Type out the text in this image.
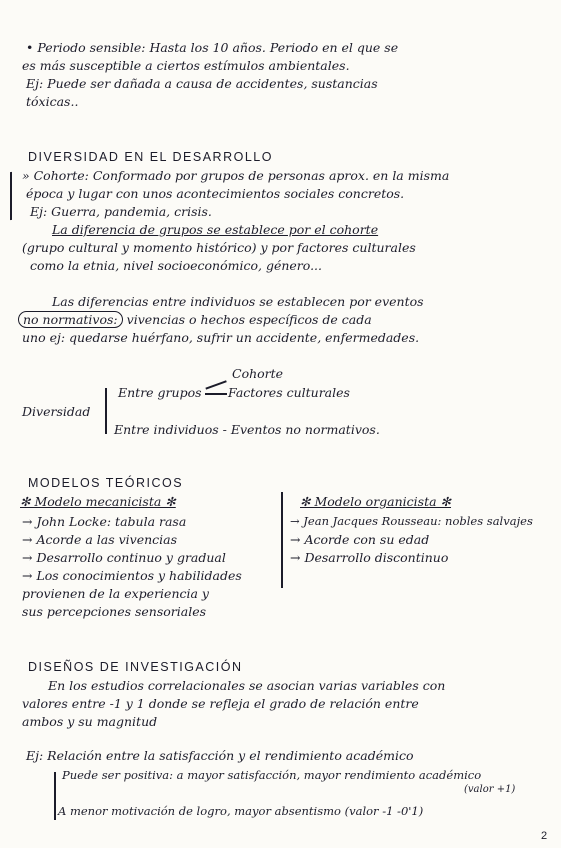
• Periodo sensible: Hasta los 10 años. Periodo en el que se
es más susceptible a ciertos estímulos ambientales.
Ej: Puede ser dañada a causa de accidentes, sustancias
tóxicas..
DIVERSIDAD EN EL DESARROLLO
» Cohorte: Conformado por grupos de personas aprox. en la misma
época y lugar con unos acontecimientos sociales concretos.
Ej: Guerra, pandemia, crisis.
La diferencia de grupos se establece por el cohorte
(grupo cultural y momento histórico) y por factores culturales
como la etnia, nivel socioeconómico, género...
Las diferencias entre individuos se establecen por eventos
no normativos: vivencias o hechos específicos de cada
uno ej: quedarse huérfano, sufrir un accidente, enfermedades.
Cohorte
Entre grupos Factores culturales
Diversidad
Entre individuos - Eventos no normativos.
MODELOS TEÓRICOS
✻ Modelo mecanicista ✻
→ John Locke: tabula rasa
→ Acorde a las vivencias
→ Desarrollo continuo y gradual
→ Los conocimientos y habilidades
provienen de la experiencia y
sus percepciones sensoriales
✻ Modelo organicista ✻
→ Jean Jacques Rousseau: nobles salvajes
→ Acorde con su edad
→ Desarrollo discontinuo
DISEÑOS DE INVESTIGACIÓN
En los estudios correlacionales se asocian varias variables con
valores entre -1 y 1 donde se refleja el grado de relación entre
ambos y su magnitud
Ej: Relación entre la satisfacción y el rendimiento académico
Puede ser positiva: a mayor satisfacción, mayor rendimiento académico
(valor +1)
A menor motivación de logro, mayor absentismo (valor -1 -0'1)
2
